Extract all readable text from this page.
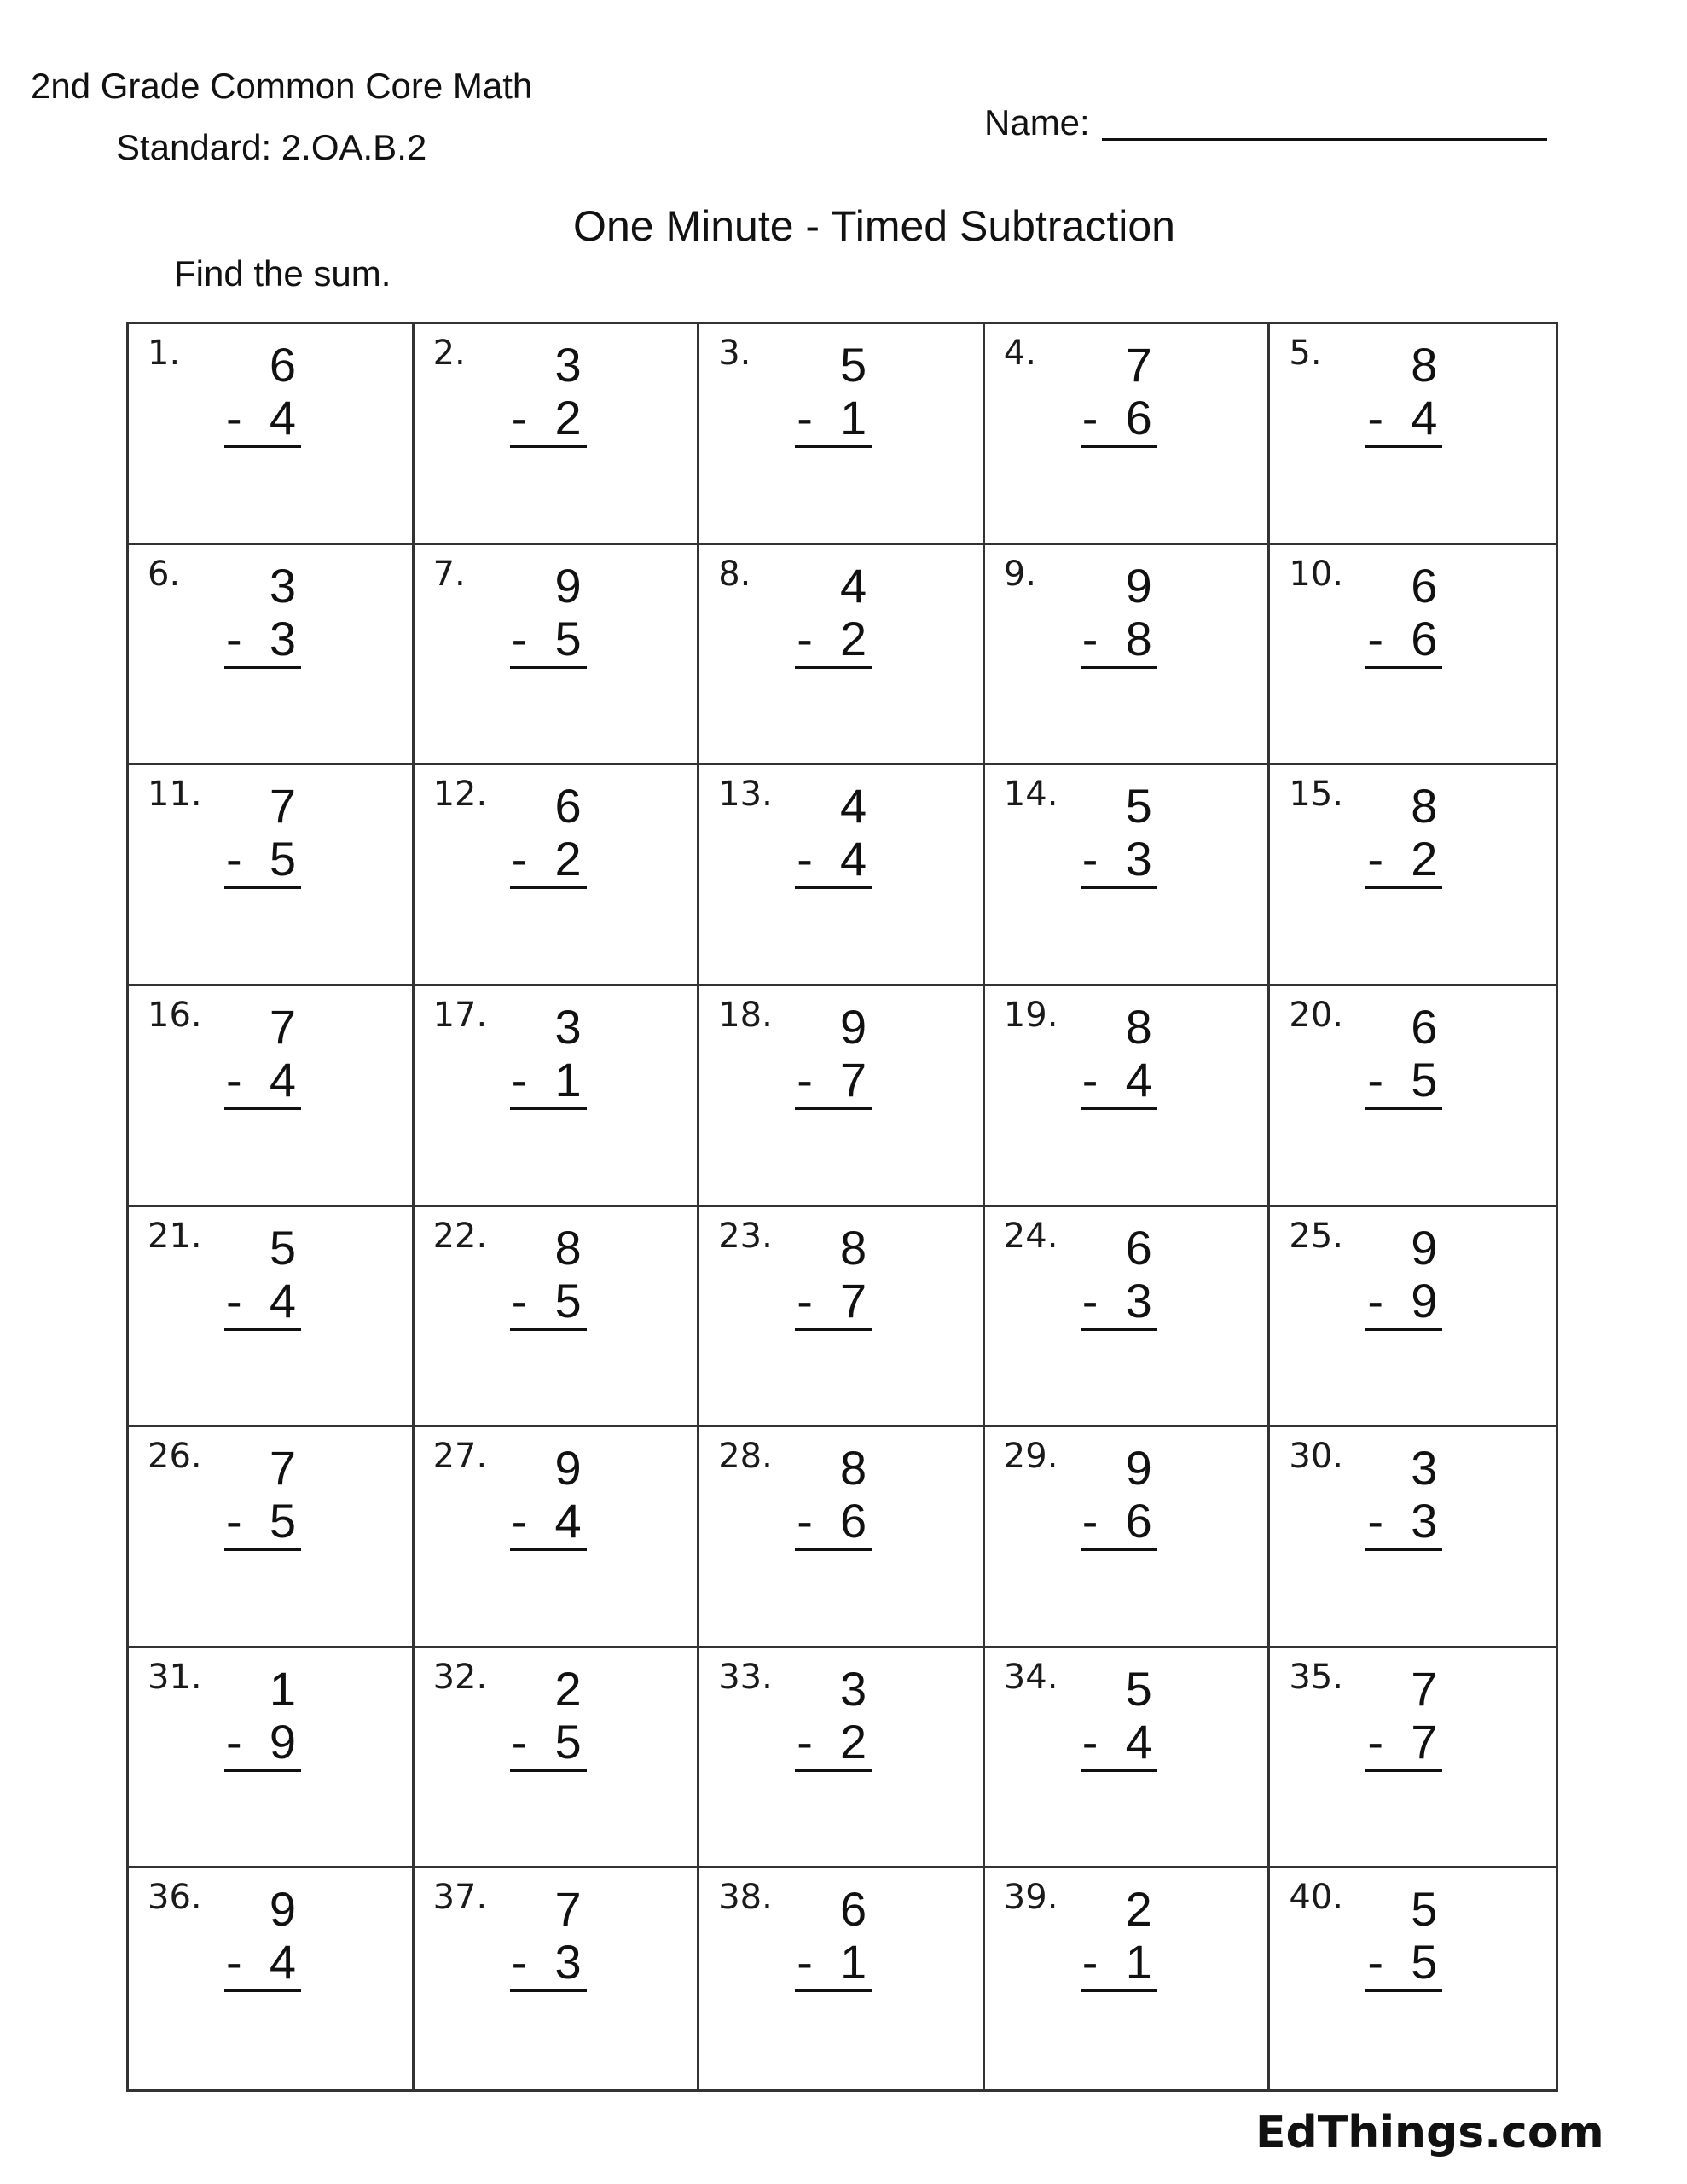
2nd Grade Common Core Math
Standard: 2.OA.B.2
Name:
One Minute - Timed Subtraction
Find the sum.
1.	6
- 4
2.	3
- 2
3.	5
- 1
4.	7
- 6
5.	8
- 4
6.	3
- 3
7.	9
- 5
8.	4
- 2
9.	9
- 8
10.	6
- 6
11.	7
- 5
12.	6
- 2
13.	4
- 4
14.	5
- 3
15.	8
- 2
16.	7
- 4
17.	3
- 1
18.	9
- 7
19.	8
- 4
20.	6
- 5
21.	5
- 4
22.	8
- 5
23.	8
- 7
24.	6
- 3
25.	9
- 9
26.	7
- 5
27.	9
- 4
28.	8
- 6
29.	9
- 6
30.	3
- 3
31.	1
- 9
32.	2
- 5
33.	3
- 2
34.	5
- 4
35.	7
- 7
36.	9
- 4
37.	7
- 3
38.	6
- 1
39.	2
- 1
40.	5
- 5
EdThings.com
